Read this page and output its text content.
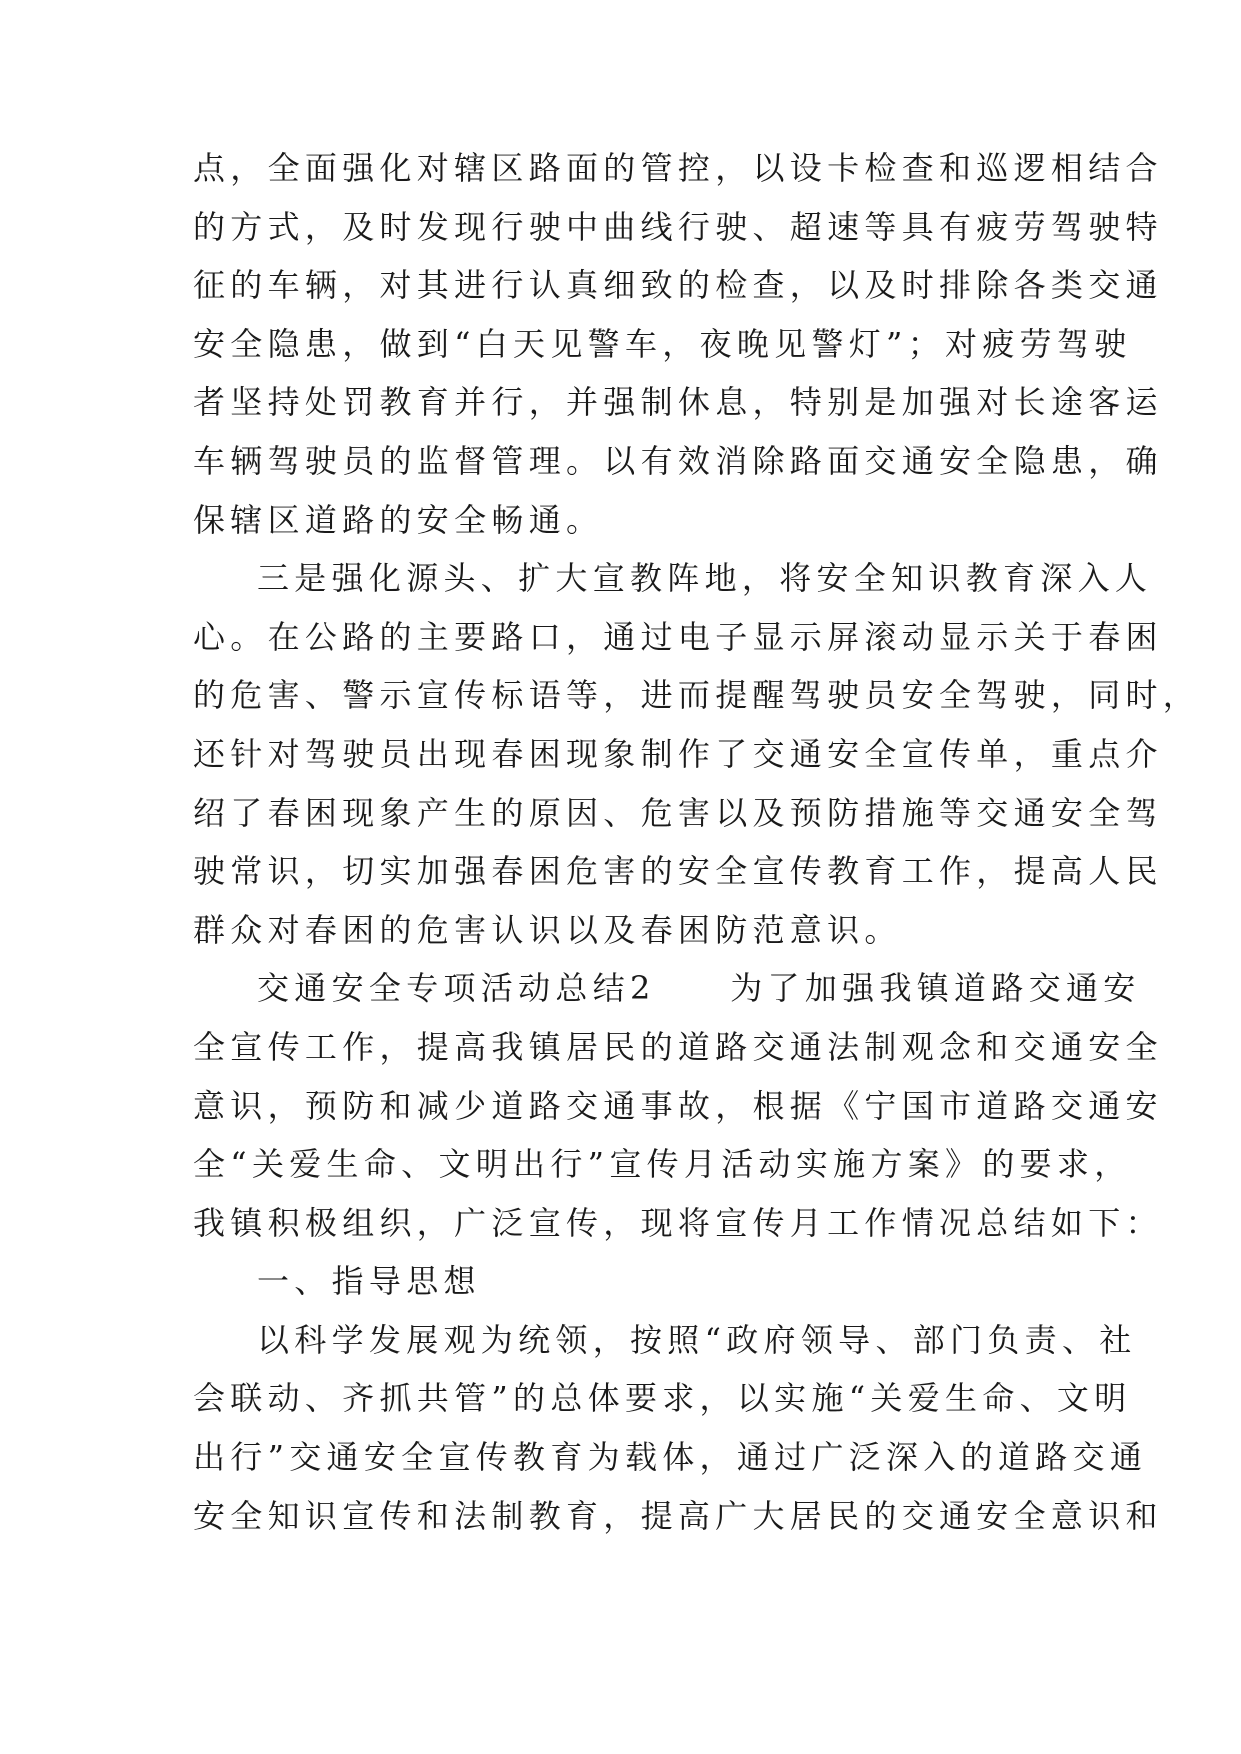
点，全面强化对辖区路面的管控，以设卡检查和巡逻相结合
的方式，及时发现行驶中曲线行驶、超速等具有疲劳驾驶特
征的车辆，对其进行认真细致的检查，以及时排除各类交通
安全隐患，做到“白天见警车，夜晚见警灯”；对疲劳驾驶
者坚持处罚教育并行，并强制休息，特别是加强对长途客运
车辆驾驶员的监督管理。以有效消除路面交通安全隐患，确
保辖区道路的安全畅通。
三是强化源头、扩大宣教阵地，将安全知识教育深入人
心。在公路的主要路口，通过电子显示屏滚动显示关于春困
的危害、警示宣传标语等，进而提醒驾驶员安全驾驶，同时，
还针对驾驶员出现春困现象制作了交通安全宣传单，重点介
绍了春困现象产生的原因、危害以及预防措施等交通安全驾
驶常识，切实加强春困危害的安全宣传教育工作，提高人民
群众对春困的危害认识以及春困防范意识。
交通安全专项活动总结2　　为了加强我镇道路交通安
全宣传工作，提高我镇居民的道路交通法制观念和交通安全
意识，预防和减少道路交通事故，根据《宁国市道路交通安
全“关爱生命、文明出行”宣传月活动实施方案》的要求，
我镇积极组织，广泛宣传，现将宣传月工作情况总结如下：
一、指导思想
以科学发展观为统领，按照“政府领导、部门负责、社
会联动、齐抓共管”的总体要求，以实施“关爱生命、文明
出行”交通安全宣传教育为载体，通过广泛深入的道路交通
安全知识宣传和法制教育，提高广大居民的交通安全意识和
